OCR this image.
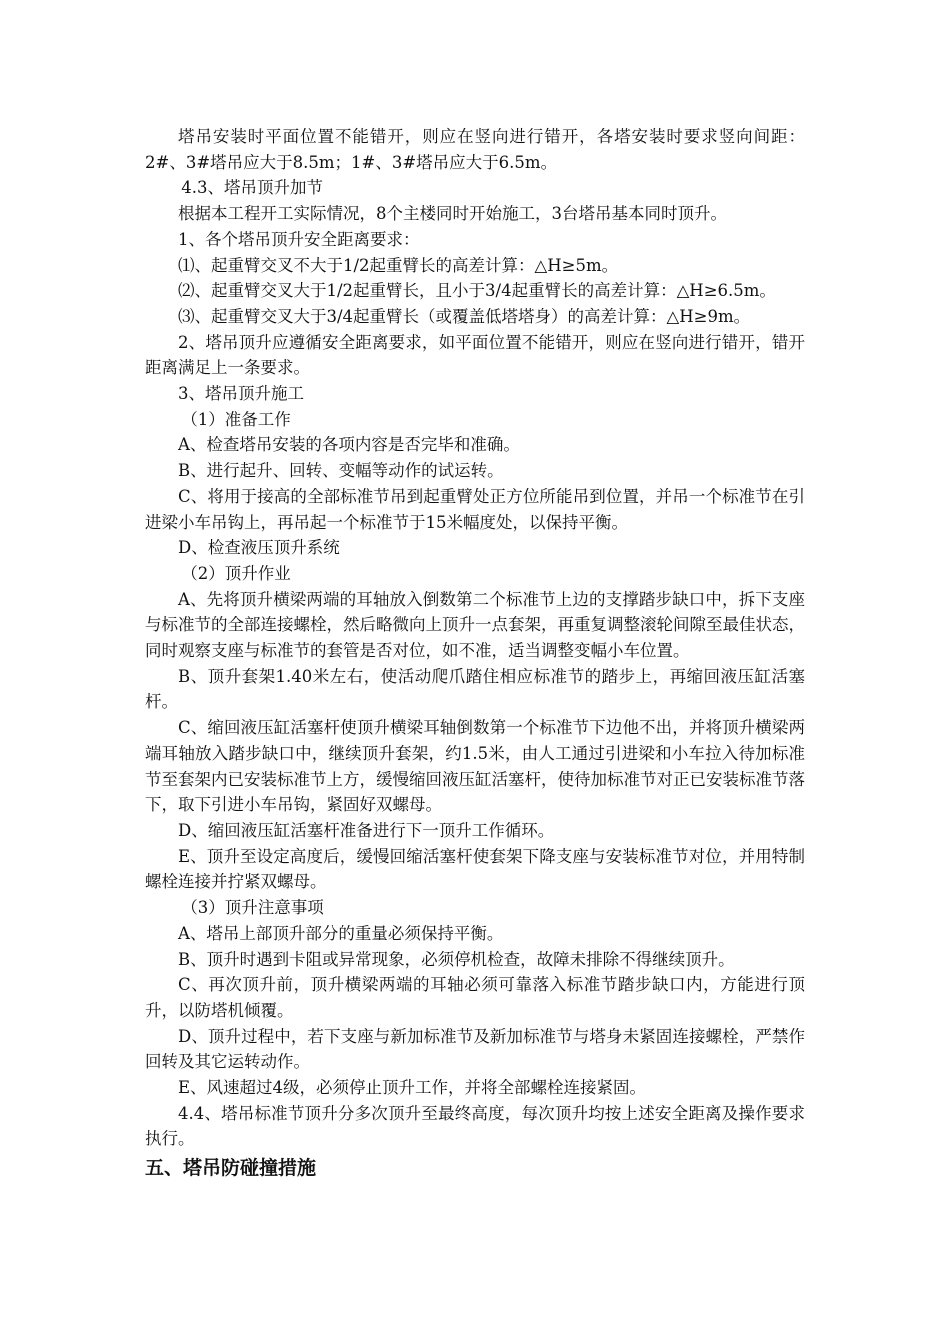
塔吊安装时平面位置不能错开，则应在竖向进行错开，各塔安装时要求竖向间距：2#、3#塔吊应大于8.5m；1#、3#塔吊应大于6.5m。

4.3、塔吊顶升加节

根据本工程开工实际情况，8个主楼同时开始施工，3台塔吊基本同时顶升。

1、各个塔吊顶升安全距离要求：

⑴、起重臂交叉不大于1/2起重臂长的高差计算：△H≥5m。

⑵、起重臂交叉大于1/2起重臂长，且小于3/4起重臂长的高差计算：△H≥6.5m。

⑶、起重臂交叉大于3/4起重臂长（或覆盖低塔塔身）的高差计算：△H≥9m。

2、塔吊顶升应遵循安全距离要求，如平面位置不能错开，则应在竖向进行错开，错开距离满足上一条要求。

3、塔吊顶升施工

（1）准备工作

A、检查塔吊安装的各项内容是否完毕和准确。

B、进行起升、回转、变幅等动作的试运转。

C、将用于接高的全部标准节吊到起重臂处正方位所能吊到位置，并吊一个标准节在引进梁小车吊钩上，再吊起一个标准节于15米幅度处，以保持平衡。

D、检查液压顶升系统

（2）顶升作业

A、先将顶升横梁两端的耳轴放入倒数第二个标准节上边的支撑踏步缺口中，拆下支座与标准节的全部连接螺栓，然后略微向上顶升一点套架，再重复调整滚轮间隙至最佳状态，同时观察支座与标准节的套管是否对位，如不准，适当调整变幅小车位置。

B、顶升套架1.40米左右，使活动爬爪踏住相应标准节的踏步上，再缩回液压缸活塞杆。

C、缩回液压缸活塞杆使顶升横梁耳轴倒数第一个标准节下边他不出，并将顶升横梁两端耳轴放入踏步缺口中，继续顶升套架，约1.5米，由人工通过引进梁和小车拉入待加标准节至套架内已安装标准节上方，缓慢缩回液压缸活塞杆，使待加标准节对正已安装标准节落下，取下引进小车吊钩，紧固好双螺母。

D、缩回液压缸活塞杆准备进行下一顶升工作循环。

E、顶升至设定高度后，缓慢回缩活塞杆使套架下降支座与安装标准节对位，并用特制螺栓连接并拧紧双螺母。

（3）顶升注意事项

A、塔吊上部顶升部分的重量必须保持平衡。

B、顶升时遇到卡阻或异常现象，必须停机检查，故障未排除不得继续顶升。

C、再次顶升前，顶升横梁两端的耳轴必须可靠落入标准节踏步缺口内，方能进行顶升，以防塔机倾覆。

D、顶升过程中，若下支座与新加标准节及新加标准节与塔身未紧固连接螺栓，严禁作回转及其它运转动作。

E、风速超过4级，必须停止顶升工作，并将全部螺栓连接紧固。

4.4、塔吊标准节顶升分多次顶升至最终高度，每次顶升均按上述安全距离及操作要求执行。

五、塔吊防碰撞措施
